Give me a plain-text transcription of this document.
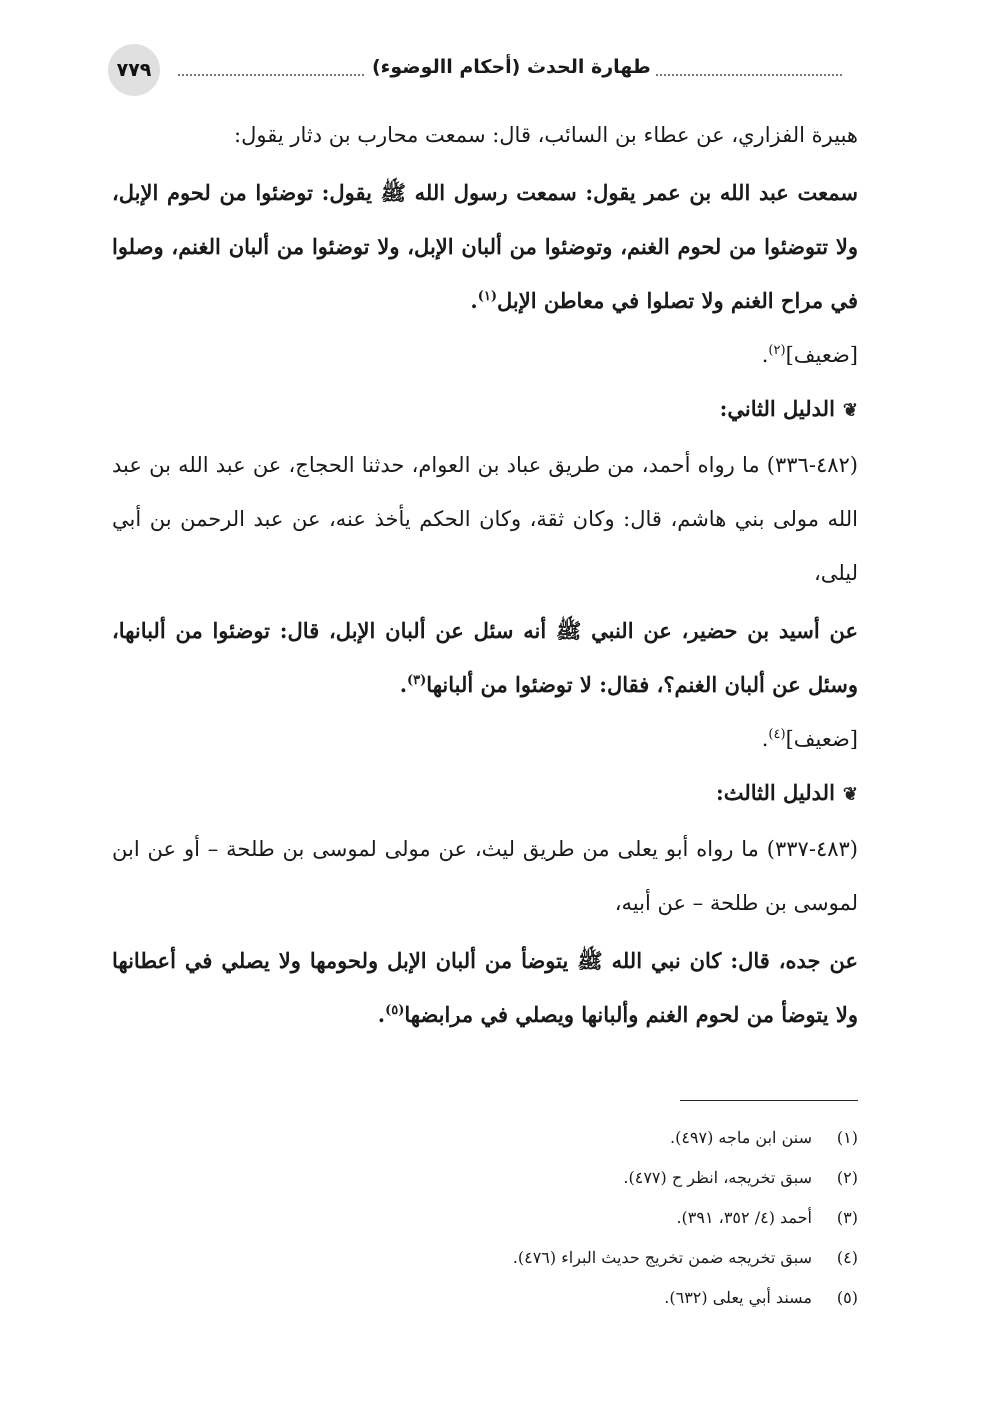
٧٧٩	طهارة الحدث (أحكام االوضوء)

هبيرة الفزاري، عن عطاء بن السائب، قال: سمعت محارب بن دثار يقول:

سمعت عبد الله بن عمر يقول: سمعت رسول الله ﷺ يقول: توضئوا من لحوم الإبل، ولا تتوضئوا من لحوم الغنم، وتوضئوا من ألبان الإبل، ولا توضئوا من ألبان الغنم، وصلوا في مراح الغنم ولا تصلوا في معاطن الإبل$^{(١)}$.

[ضعيف]$^{(٢)}$.

❦الدليل الثاني:

(٤٨٢-٣٣٦) ما رواه أحمد، من طريق عباد بن العوام، حدثنا الحجاج، عن عبد الله بن عبد الله مولى بني هاشم، قال: وكان ثقة، وكان الحكم يأخذ عنه، عن عبد الرحمن بن أبي ليلى،

عن أسيد بن حضير، عن النبي ﷺ أنه سئل عن ألبان الإبل، قال: توضئوا من ألبانها، وسئل عن ألبان الغنم؟، فقال: لا توضئوا من ألبانها$^{(٣)}$.

[ضعيف]$^{(٤)}$.

❦الدليل الثالث:

(٤٨٣-٣٣٧) ما رواه أبو يعلى من طريق ليث، عن مولى لموسى بن طلحة – أو عن ابن لموسى بن طلحة – عن أبيه،

عن جده، قال: كان نبي الله ﷺ يتوضأ من ألبان الإبل ولحومها ولا يصلي في أعطانها ولا يتوضأ من لحوم الغنم وألبانها ويصلي في مرابضها$^{(٥)}$.

(١)
سنن ابن ماجه (٤٩٧).
(٢)
سبق تخريجه، انظر ح (٤٧٧).
(٣)
أحمد (٤/ ٣٥٢، ٣٩١).
(٤)
سبق تخريجه ضمن تخريج حديث البراء (٤٧٦).
(٥)
مسند أبي يعلى (٦٣٢).
